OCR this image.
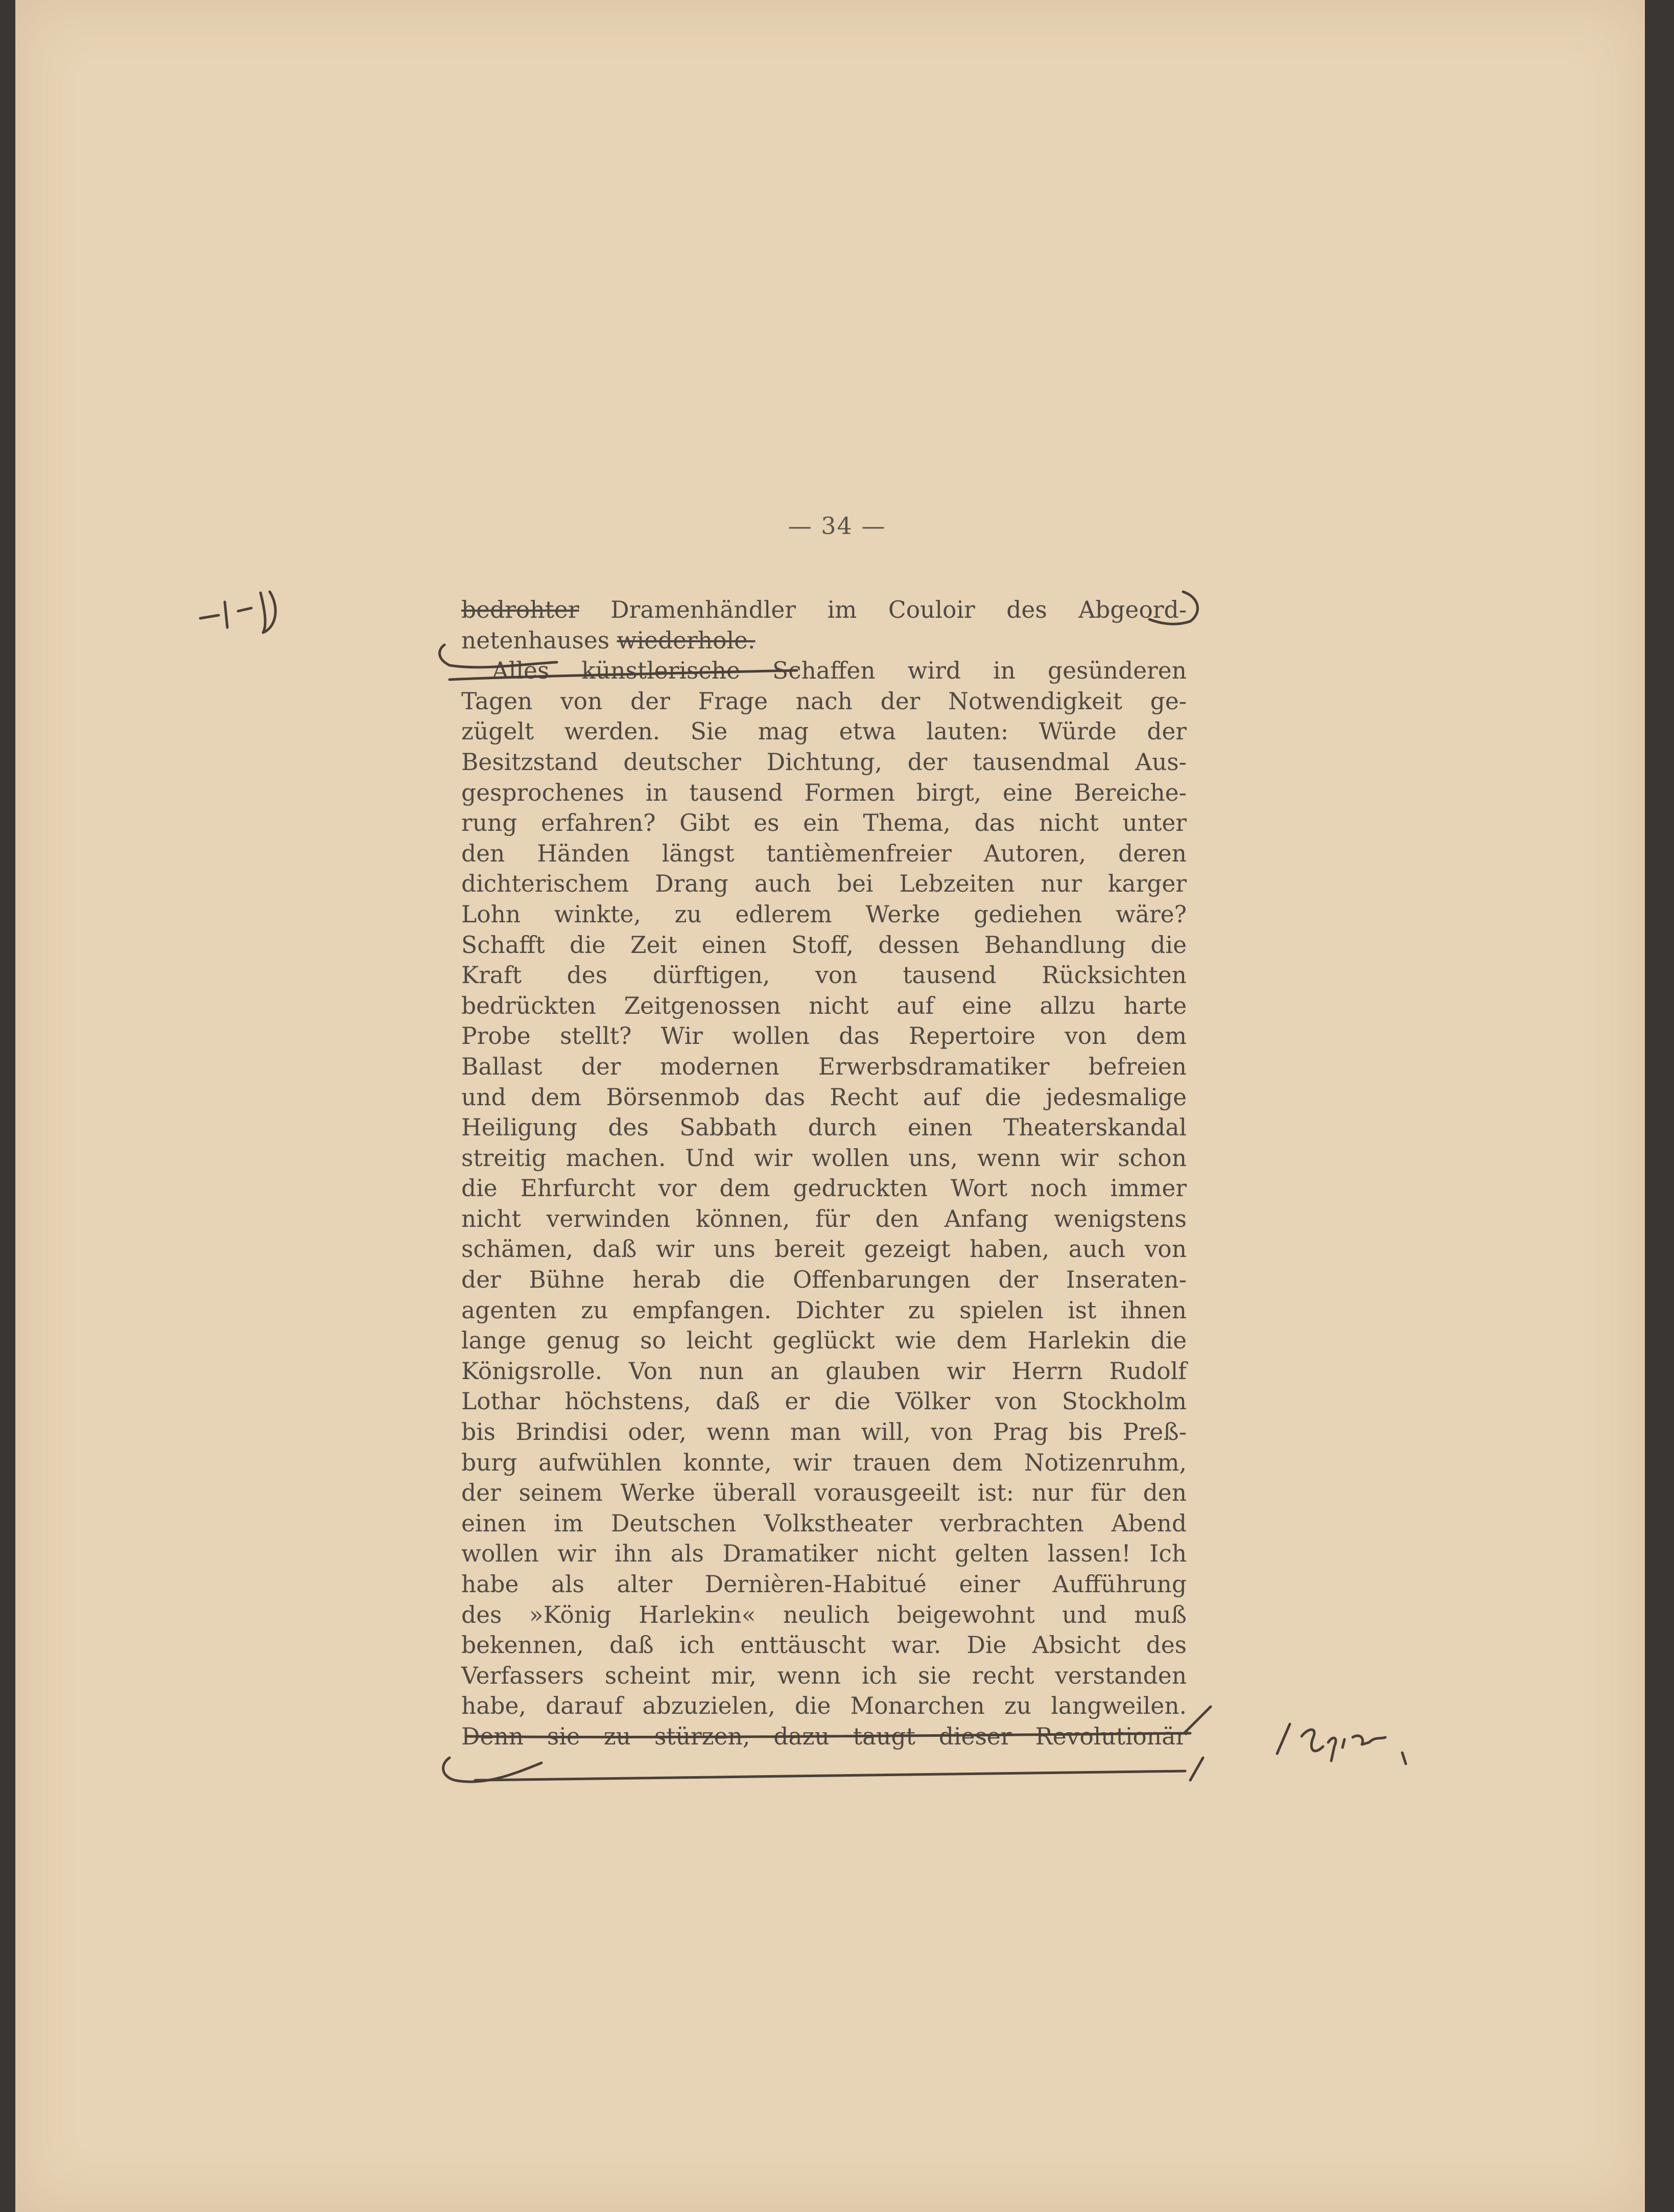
— 34 —
bedrohter Dramenhändler im Couloir des Abgeord-
netenhauses wiederhole.
Alles künstlerische Schaffen wird in gesünderen
Tagen von der Frage nach der Notwendigkeit ge-
zügelt werden. Sie mag etwa lauten: Würde der
Besitzstand deutscher Dichtung, der tausendmal Aus-
gesprochenes in tausend Formen birgt, eine Bereiche-
rung erfahren? Gibt es ein Thema, das nicht unter
den Händen längst tantièmenfreier Autoren, deren
dichterischem Drang auch bei Lebzeiten nur karger
Lohn winkte, zu edlerem Werke gediehen wäre?
Schafft die Zeit einen Stoff, dessen Behandlung die
Kraft des dürftigen, von tausend Rücksichten
bedrückten Zeitgenossen nicht auf eine allzu harte
Probe stellt? Wir wollen das Repertoire von dem
Ballast der modernen Erwerbsdramatiker befreien
und dem Börsenmob das Recht auf die jedesmalige
Heiligung des Sabbath durch einen Theaterskandal
streitig machen. Und wir wollen uns, wenn wir schon
die Ehrfurcht vor dem gedruckten Wort noch immer
nicht verwinden können, für den Anfang wenigstens
schämen, daß wir uns bereit gezeigt haben, auch von
der Bühne herab die Offenbarungen der Inseraten-
agenten zu empfangen. Dichter zu spielen ist ihnen
lange genug so leicht geglückt wie dem Harlekin die
Königsrolle. Von nun an glauben wir Herrn Rudolf
Lothar höchstens, daß er die Völker von Stockholm
bis Brindisi oder, wenn man will, von Prag bis Preß-
burg aufwühlen konnte, wir trauen dem Notizenruhm,
der seinem Werke überall vorausgeeilt ist: nur für den
einen im Deutschen Volkstheater verbrachten Abend
wollen wir ihn als Dramatiker nicht gelten lassen! Ich
habe als alter Dernièren-Habitué einer Aufführung
des »König Harlekin« neulich beigewohnt und muß
bekennen, daß ich enttäuscht war. Die Absicht des
Verfassers scheint mir, wenn ich sie recht verstanden
habe, darauf abzuzielen, die Monarchen zu langweilen.
Denn sie zu stürzen, dazu taugt dieser Revolutionär
